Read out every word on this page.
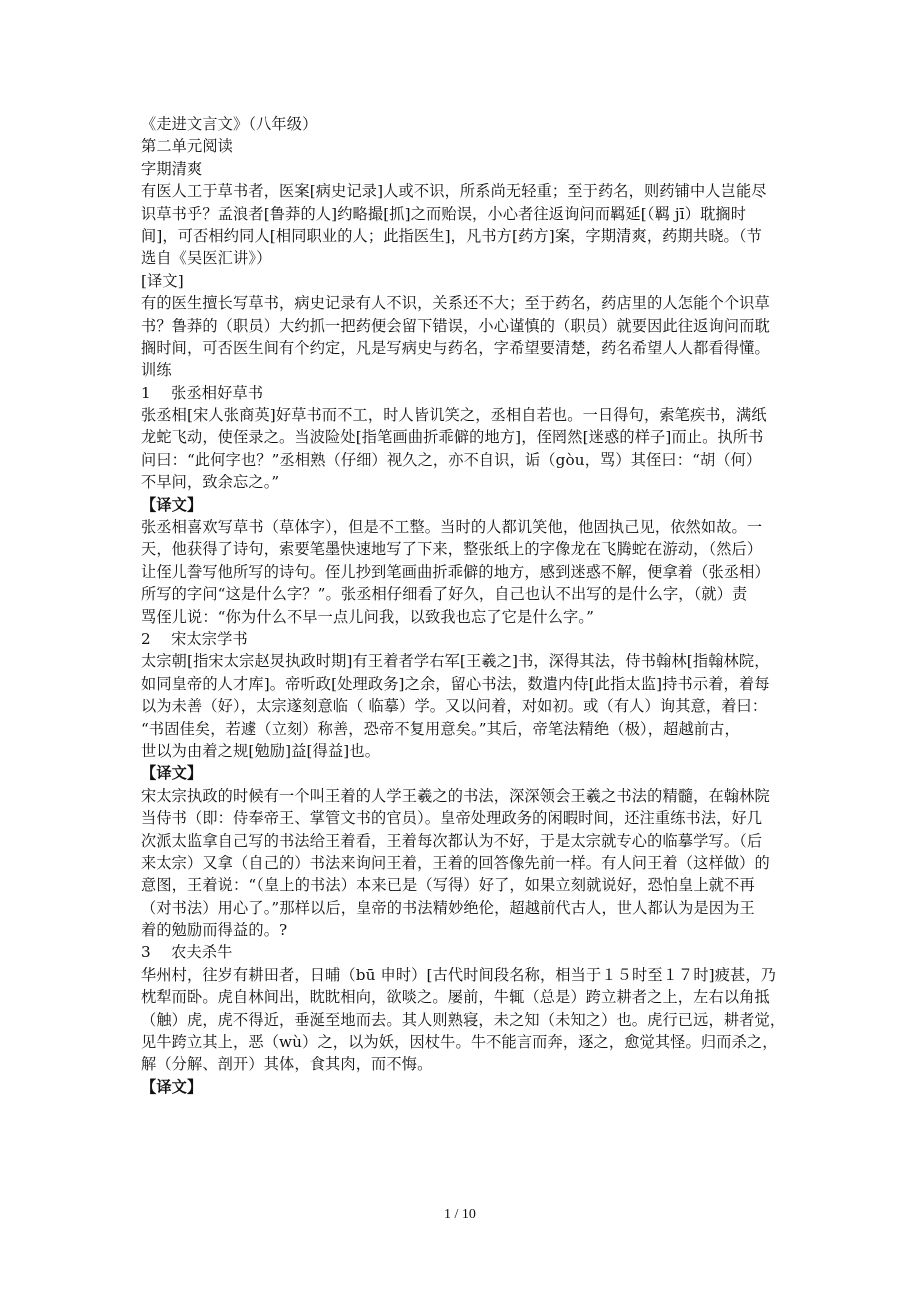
《走进文言文》（八年级）
第二单元阅读
字期清爽
有医人工于草书者，医案[病史记录]人或不识，所系尚无轻重；至于药名，则药铺中人岂能尽
识草书乎？孟浪者[鲁莽的人]约略撮[抓]之而贻误，小心者往返询问而羁延[（羁 jī）耽搁时
间]，可否相约同人[相同职业的人；此指医生]，凡书方[药方]案，字期清爽，药期共晓。（节
选自《吴医汇讲》）
[译文]
有的医生擅长写草书，病史记录有人不识，关系还不大；至于药名，药店里的人怎能个个识草
书？鲁莽的（职员）大约抓一把药便会留下错误，小心谨慎的（职员）就要因此往返询问而耽
搁时间，可否医生间有个约定，凡是写病史与药名，字希望要清楚，药名希望人人都看得懂。
训练
1　 张丞相好草书
张丞相[宋人张商英]好草书而不工，时人皆讥笑之，丞相自若也。一日得句，索笔疾书，满纸
龙蛇飞动，使侄录之。当波险处[指笔画曲折乖僻的地方]，侄罔然[迷惑的样子]而止。执所书
问曰：“此何字也？”丞相熟（仔细）视久之，亦不自识，诟（gòu，骂）其侄曰：“胡（何）
不早问，致余忘之。”
【译文】
张丞相喜欢写草书（草体字），但是不工整。当时的人都讥笑他，他固执己见，依然如故。一
天，他获得了诗句，索要笔墨快速地写了下来，整张纸上的字像龙在飞腾蛇在游动，（然后）
让侄儿誊写他所写的诗句。侄儿抄到笔画曲折乖僻的地方，感到迷惑不解，便拿着（张丞相）
所写的字问“这是什么字？”。张丞相仔细看了好久，自己也认不出写的是什么字，（就）责
骂侄儿说：“你为什么不早一点儿问我，以致我也忘了它是什么字。”
2　 宋太宗学书
太宗朝[指宋太宗赵炅执政时期]有王着者学右军[王羲之]书，深得其法，侍书翰林[指翰林院，
如同皇帝的人才库]。帝听政[处理政务]之余，留心书法，数遣内侍[此指太监]持书示着，着每
以为未善（好），太宗遂刻意临（ 临摹）学。又以问着，对如初。或（有人）询其意，着曰：
“书固佳矣，若遽（立刻）称善，恐帝不复用意矣。”其后，帝笔法精绝（极），超越前古，
世以为由着之规[勉励]益[得益]也。
【译文】
宋太宗执政的时候有一个叫王着的人学王羲之的书法，深深领会王羲之书法的精髓，在翰林院
当侍书（即：侍奉帝王、掌管文书的官员）。皇帝处理政务的闲暇时间，还注重练书法，好几
次派太监拿自己写的书法给王着看，王着每次都认为不好，于是太宗就专心的临摹学写。（后
来太宗）又拿（自己的）书法来询问王着，王着的回答像先前一样。有人问王着（这样做）的
意图，王着说：“（皇上的书法）本来已是（写得）好了，如果立刻就说好，恐怕皇上就不再
（对书法）用心了。”那样以后，皇帝的书法精妙绝伦，超越前代古人，世人都认为是因为王
着的勉励而得益的。?
3　 农夫杀牛
华州村，往岁有耕田者，日晡（bū 申时）[古代时间段名称，相当于１５时至１７时]疲甚，乃
枕犁而卧。虎自林间出，眈眈相向，欲啖之。屡前，牛辄（总是）跨立耕者之上，左右以角抵
（触）虎，虎不得近，垂涎至地而去。其人则熟寝，未之知（未知之）也。虎行已远，耕者觉，
见牛跨立其上，恶（wù）之，以为妖，因杖牛。牛不能言而奔，逐之，愈觉其怪。归而杀之，
解（分解、剖开）其体，食其肉，而不悔。
【译文】
1 / 10
